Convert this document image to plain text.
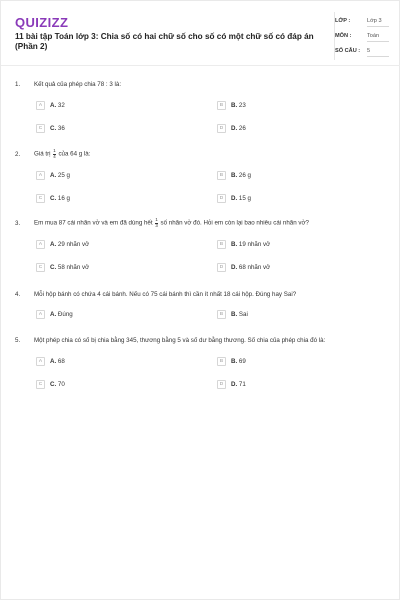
QUIZIZZ
11 bài tập Toán lớp 3: Chia số có hai chữ số cho số có một chữ số có đáp án (Phần 2)
LỚP :	Lớp 3
MÔN :	Toán
SỐ CÂU : 5
1. Kết quả của phép chia 78 : 3 là:
A	A. 32	B	B. 23
C	C. 36	D	D. 26
2. Giá trị $\frac{1}{4}$ của 64 g là:
A	A. 25 g	B	B. 26 g
C	C. 16 g	D	D. 15 g
3. Em mua 87 cái nhãn vở và em đã dùng hết $\frac{1}{3}$ số nhãn vở đó. Hỏi em còn lại bao nhiêu cái nhãn vở?
A	A. 29 nhãn vở	B	B. 19 nhãn vở
C	C. 58 nhãn vở	D	D. 68 nhãn vở
4. Mỗi hộp bánh có chứa 4 cái bánh. Nếu có 75 cái bánh thì cần ít nhất 18 cái hộp. Đúng hay Sai?
A	A. Đúng	B	B. Sai
5. Một phép chia có số bị chia bằng 345, thương bằng 5 và số dư bằng thương. Số chia của phép chia đó là:
A	A. 68	B	B. 69
C	C. 70	D	D. 71
